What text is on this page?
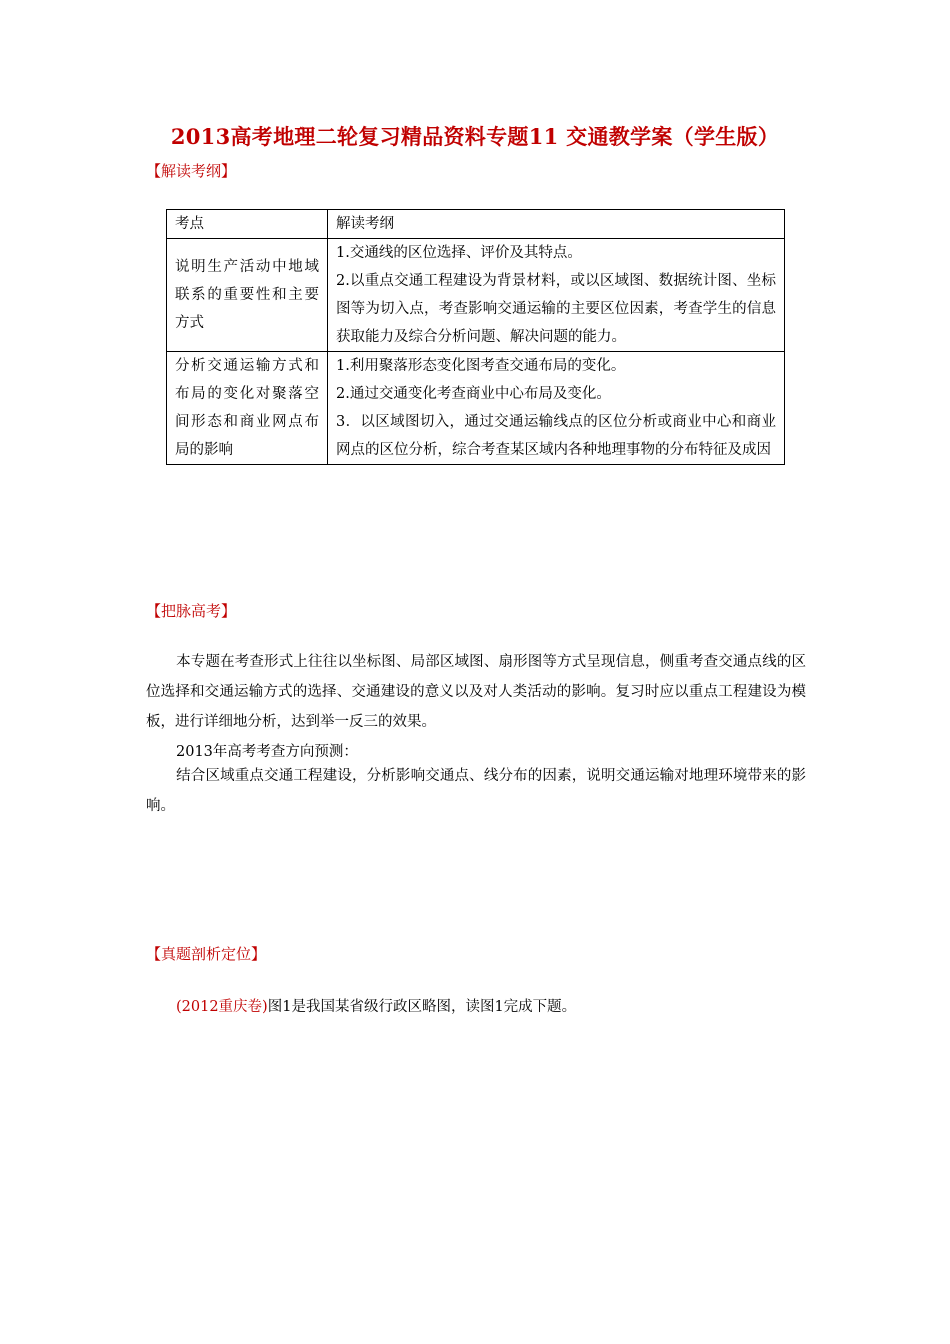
2013高考地理二轮复习精品资料专题11 交通教学案（学生版）
【解读考纲】
考点	解读考纲
说明生产活动中地域联系的重要性和主要方式	1.交通线的区位选择、评价及其特点。
2.以重点交通工程建设为背景材料，或以区域图、数据统计图、坐标图等为切入点，考查影响交通运输的主要区位因素，考查学生的信息获取能力及综合分析问题、解决问题的能力。

分析交通运输方式和布局的变化对聚落空间形态和商业网点布局的影响	1.利用聚落形态变化图考查交通布局的变化。
2.通过交通变化考查商业中心布局及变化。
3．以区域图切入，通过交通运输线点的区位分析或商业中心和商业网点的区位分析，综合考查某区域内各种地理事物的分布特征及成因
【把脉高考】
本专题在考查形式上往往以坐标图、局部区域图、扇形图等方式呈现信息，侧重考查交通点线的区位选择和交通运输方式的选择、交通建设的意义以及对人类活动的影响。复习时应以重点工程建设为模板，进行详细地分析，达到举一反三的效果。
2013年高考考查方向预测：
结合区域重点交通工程建设，分析影响交通点、线分布的因素，说明交通运输对地理环境带来的影响。
【真题剖析定位】
(2012重庆卷)图1是我国某省级行政区略图，读图1完成下题。
